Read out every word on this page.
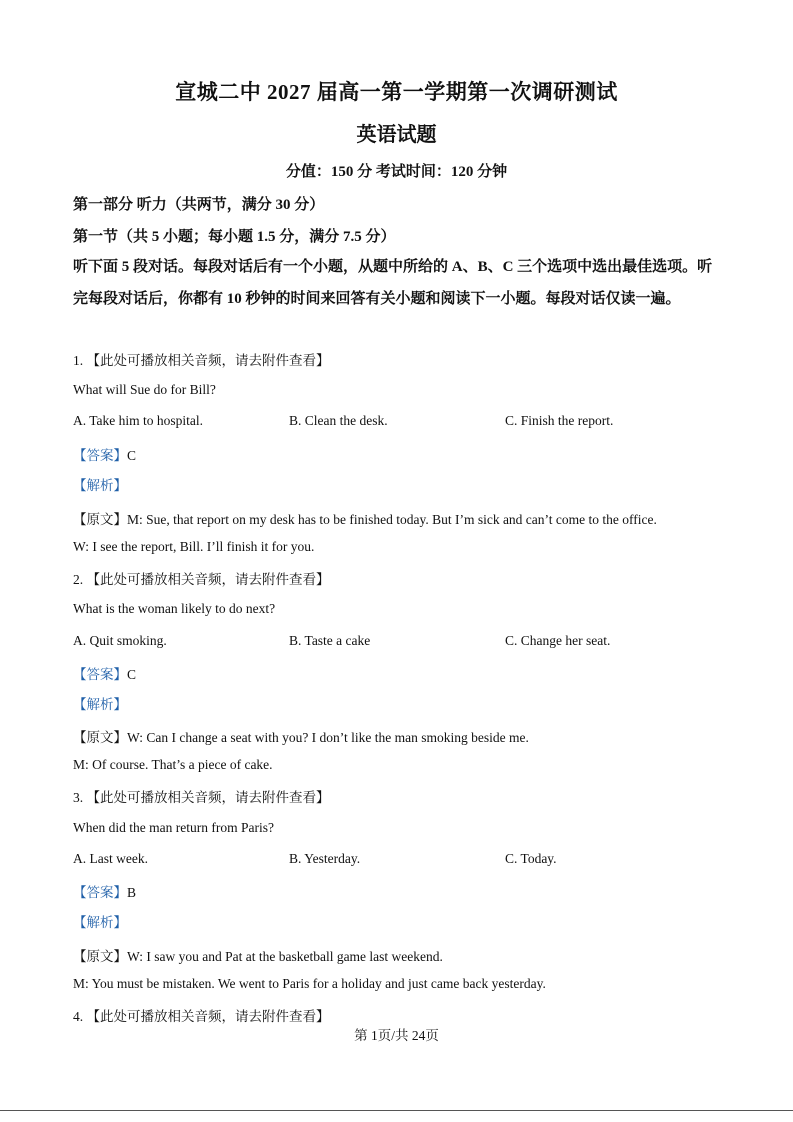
宣城二中 2027 届高一第一学期第一次调研测试
英语试题
分值：150 分 考试时间：120 分钟
第一部分 听力（共两节，满分 30 分）
第一节（共 5 小题；每小题 1.5 分，满分 7.5 分）
听下面 5 段对话。每段对话后有一个小题，从题中所给的 A、B、C 三个选项中选出最佳选项。听完每段对话后，你都有 10 秒钟的时间来回答有关小题和阅读下一小题。每段对话仅读一遍。
1. 【此处可播放相关音频，请去附件查看】
What will Sue do for Bill?
A. Take him to hospital.	B. Clean the desk.	C. Finish the report.
【答案】C
【解析】
【原文】M: Sue, that report on my desk has to be finished today. But I’m sick and can’t come to the office.
W: I see the report, Bill. I’ll finish it for you.
2. 【此处可播放相关音频，请去附件查看】
What is the woman likely to do next?
A. Quit smoking.	B. Taste a cake	C. Change her seat.
【答案】C
【解析】
【原文】W: Can I change a seat with you? I don’t like the man smoking beside me.
M: Of course. That’s a piece of cake.
3. 【此处可播放相关音频，请去附件查看】
When did the man return from Paris?
A. Last week.	B. Yesterday.	C. Today.
【答案】B
【解析】
【原文】W: I saw you and Pat at the basketball game last weekend.
M: You must be mistaken. We went to Paris for a holiday and just came back yesterday.
4. 【此处可播放相关音频，请去附件查看】
第 1页/共 24页
